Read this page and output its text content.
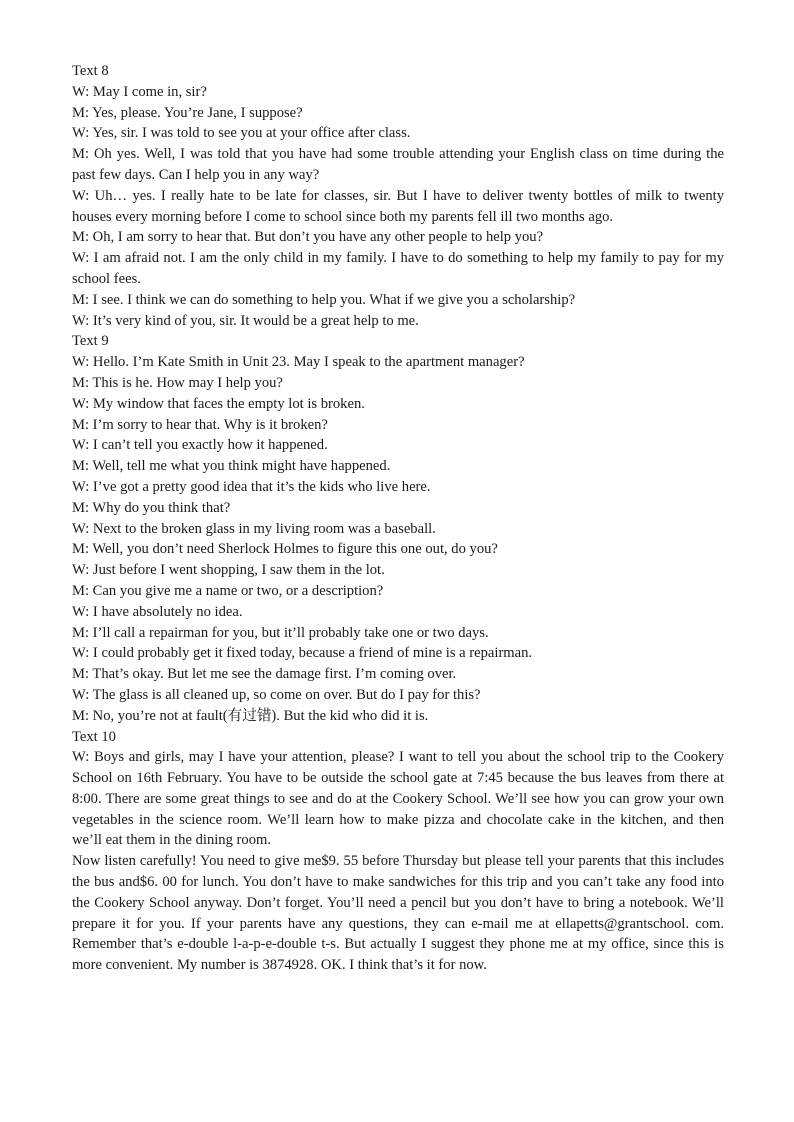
Text 8

W: May I come in, sir?

M: Yes, please. You’re Jane, I suppose?

W: Yes, sir. I was told to see you at your office after class.

M: Oh yes. Well, I was told that you have had some trouble attending your English class on time during the past few days. Can I help you in any way?

W: Uh… yes. I really hate to be late for classes, sir. But I have to deliver twenty bottles of milk to twenty houses every morning before I come to school since both my parents fell ill two months ago.

M: Oh, I am sorry to hear that. But don’t you have any other people to help you?

W: I am afraid not. I am the only child in my family. I have to do something to help my family to pay for my school fees.

M: I see. I think we can do something to help you. What if we give you a scholarship?

W: It’s very kind of you, sir. It would be a great help to me.

Text 9

W: Hello. I’m Kate Smith in Unit 23. May I speak to the apartment manager?

M: This is he. How may I help you?

W: My window that faces the empty lot is broken.

M: I’m sorry to hear that. Why is it broken?

W: I can’t tell you exactly how it happened.

M: Well, tell me what you think might have happened.

W: I’ve got a pretty good idea that it’s the kids who live here.

M: Why do you think that?

W: Next to the broken glass in my living room was a baseball.

M: Well, you don’t need Sherlock Holmes to figure this one out, do you?

W: Just before I went shopping, I saw them in the lot.

M: Can you give me a name or two, or a description?

W: I have absolutely no idea.

M: I’ll call a repairman for you, but it’ll probably take one or two days.

W: I could probably get it fixed today, because a friend of mine is a repairman.

M: That’s okay. But let me see the damage first. I’m coming over.

W: The glass is all cleaned up, so come on over. But do I pay for this?

M: No, you’re not at fault(有过错). But the kid who did it is.

Text 10

W: Boys and girls, may I have your attention, please? I want to tell you about the school trip to the Cookery School on 16th February. You have to be outside the school gate at 7:45 because the bus leaves from there at 8:00. There are some great things to see and do at the Cookery School. We’ll see how you can grow your own vegetables in the science room. We’ll learn how to make pizza and chocolate cake in the kitchen, and then we’ll eat them in the dining room.

Now listen carefully! You need to give me$9. 55 before Thursday but please tell your parents that this includes the bus and$6. 00 for lunch. You don’t have to make sandwiches for this trip and you can’t take any food into the Cookery School anyway. Don’t forget. You’ll need a pencil but you don’t have to bring a notebook. We’ll prepare it for you. If your parents have any questions, they can e-mail me at ellapetts@grantschool. com. Remember that’s e-double l-a-p-e-double t-s. But actually I suggest they phone me at my office, since this is more convenient. My number is 3874928. OK. I think that’s it for now.
